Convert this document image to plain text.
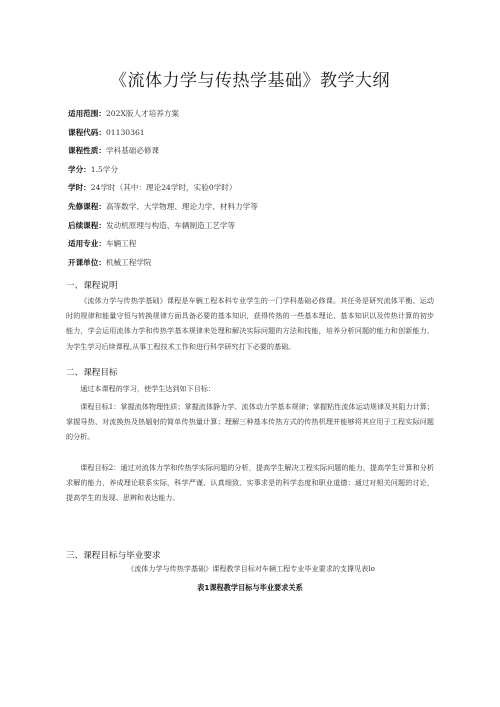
《流体力学与传热学基础》教学大纲
适用范围：202X版人才培养方案
课程代码：01130361
课程性质：学科基础必修课
学分：1.5学分
学时：24学时（其中：理论24学时，实验0学时）
先修课程：高等数学、大学物理、理论力学、材料力学等
后续课程：发动机原理与构造、车辆制造工艺学等
适用专业：车辆工程
开课单位：机械工程学院
一、课程说明
《流体力学与传热学基础》课程是车辆工程本科专业学生的一门学科基础必修课。其任务是研究流体平衡、运动时的规律和能量守恒与转换规律方面具备必要的基本知识，获得传热的一些基本理论、基本知识以及传热计算的初步能力，学会运用流体力学和传热学基本规律来处理和解决实际问题的方法和技能，培养分析问题的能力和创新能力，为学生学习后续课程,从事工程技术工作和进行科学研究打下必要的基础。
二、课程目标
通过本课程的学习，使学生达到如下目标：
课程目标1：掌握流体物理性质；掌握流体静力学、流体动力学基本规律；掌握粘性流体运动规律及其阻力计算；掌握导热、对流换热及热辐射的简单传热量计算；理解三种基本传热方式的传热机理并能够将其应用于工程实际问题的分析。
课程目标2：通过对流体力学和传热学实际问题的分析，提高学生解决工程实际问题的能力，提高学生计算和分析求解的能力，养成理论联系实际，科学严谨、认真细致、实事求是的科学态度和职业道德；通过对相关问题的讨论，提高学生的发现、思辨和表达能力。
三、课程目标与毕业要求
《流体力学与传热学基础》课程教学目标对车辆工程专业毕业要求的支撑见表lo
表1课程教学目标与毕业要求关系
